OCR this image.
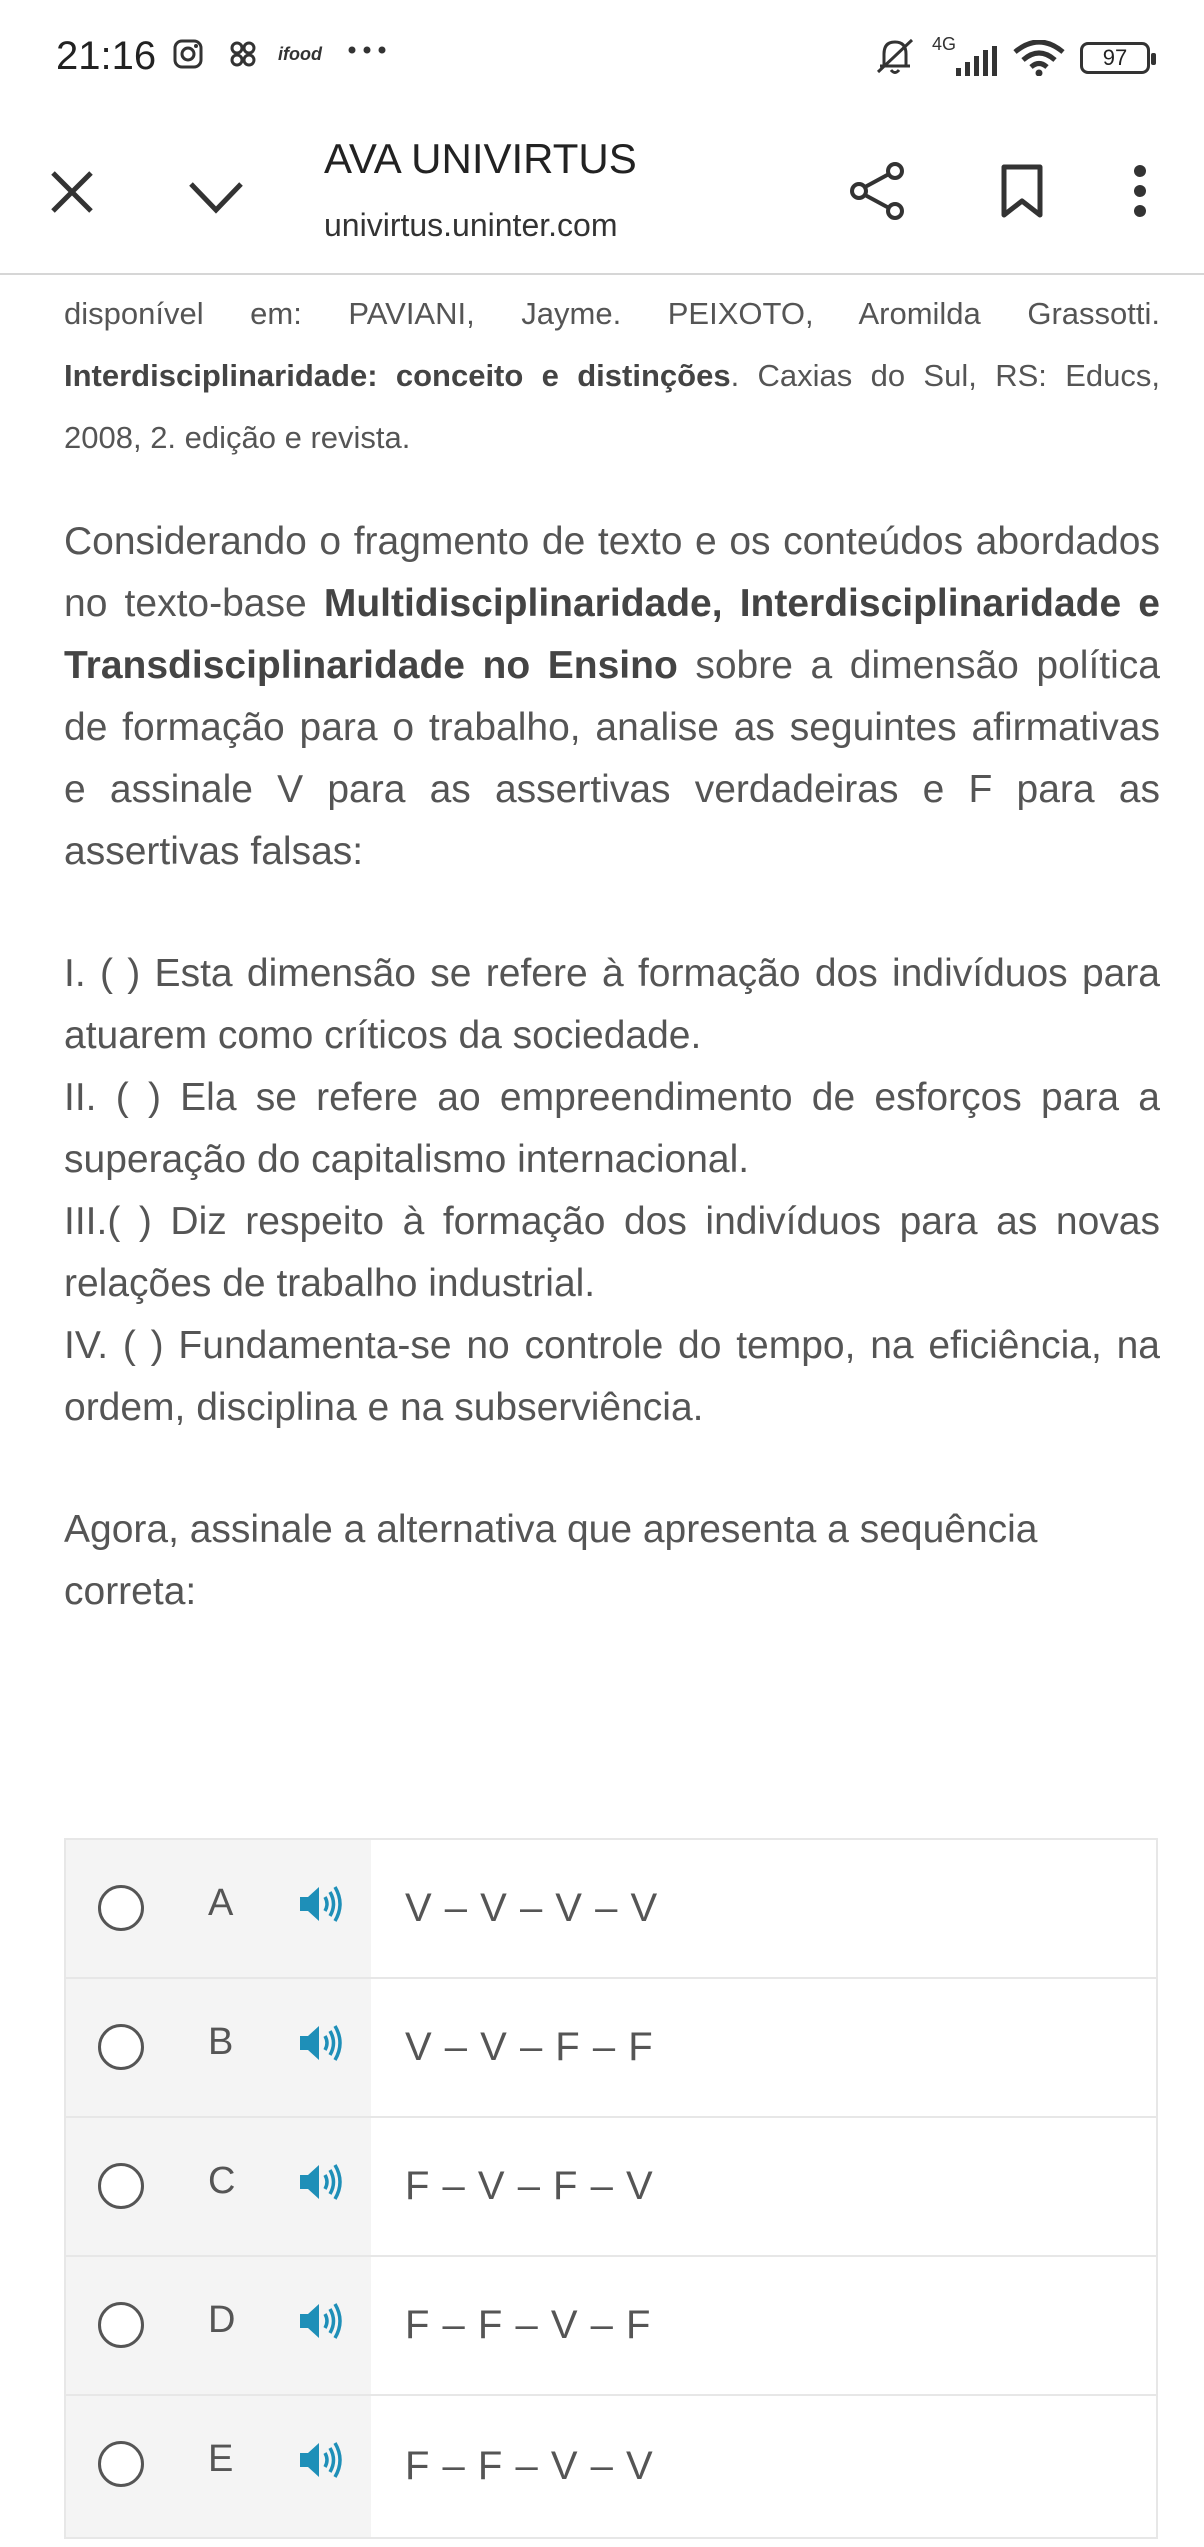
21:16	ifood	4G
97
AVA UNIVIRTUS
univirtus.uninter.com

disponível em: PAVIANI, Jayme. PEIXOTO, Aromilda Grassotti. Interdisciplinaridade: conceito e distinções. Caxias do Sul, RS: Educs, 2008, 2. edição e revista.

Considerando o fragmento de texto e os conteúdos abordados no texto-base Multidisciplinaridade, Interdisciplinaridade e Transdisciplinaridade no Ensino sobre a dimensão política de formação para o trabalho, analise as seguintes afirmativas e assinale V para as assertivas verdadeiras e F para as assertivas falsas:

I. ( ) Esta dimensão se refere à formação dos indivíduos para atuarem como críticos da sociedade.

II. ( ) Ela se refere ao empreendimento de esforços para a superação do capitalismo internacional.

III.( ) Diz respeito à formação dos indivíduos para as novas relações de trabalho industrial.

IV. ( ) Fundamenta-se no controle do tempo, na eficiência, na ordem, disciplina e na subserviência.

Agora, assinale a alternativa que apresenta a sequência correta:

A	V – V – V – V
B	V – V – F – F
C	F – V – F – V
D	F – F – V – F
E	F – F – V – V
